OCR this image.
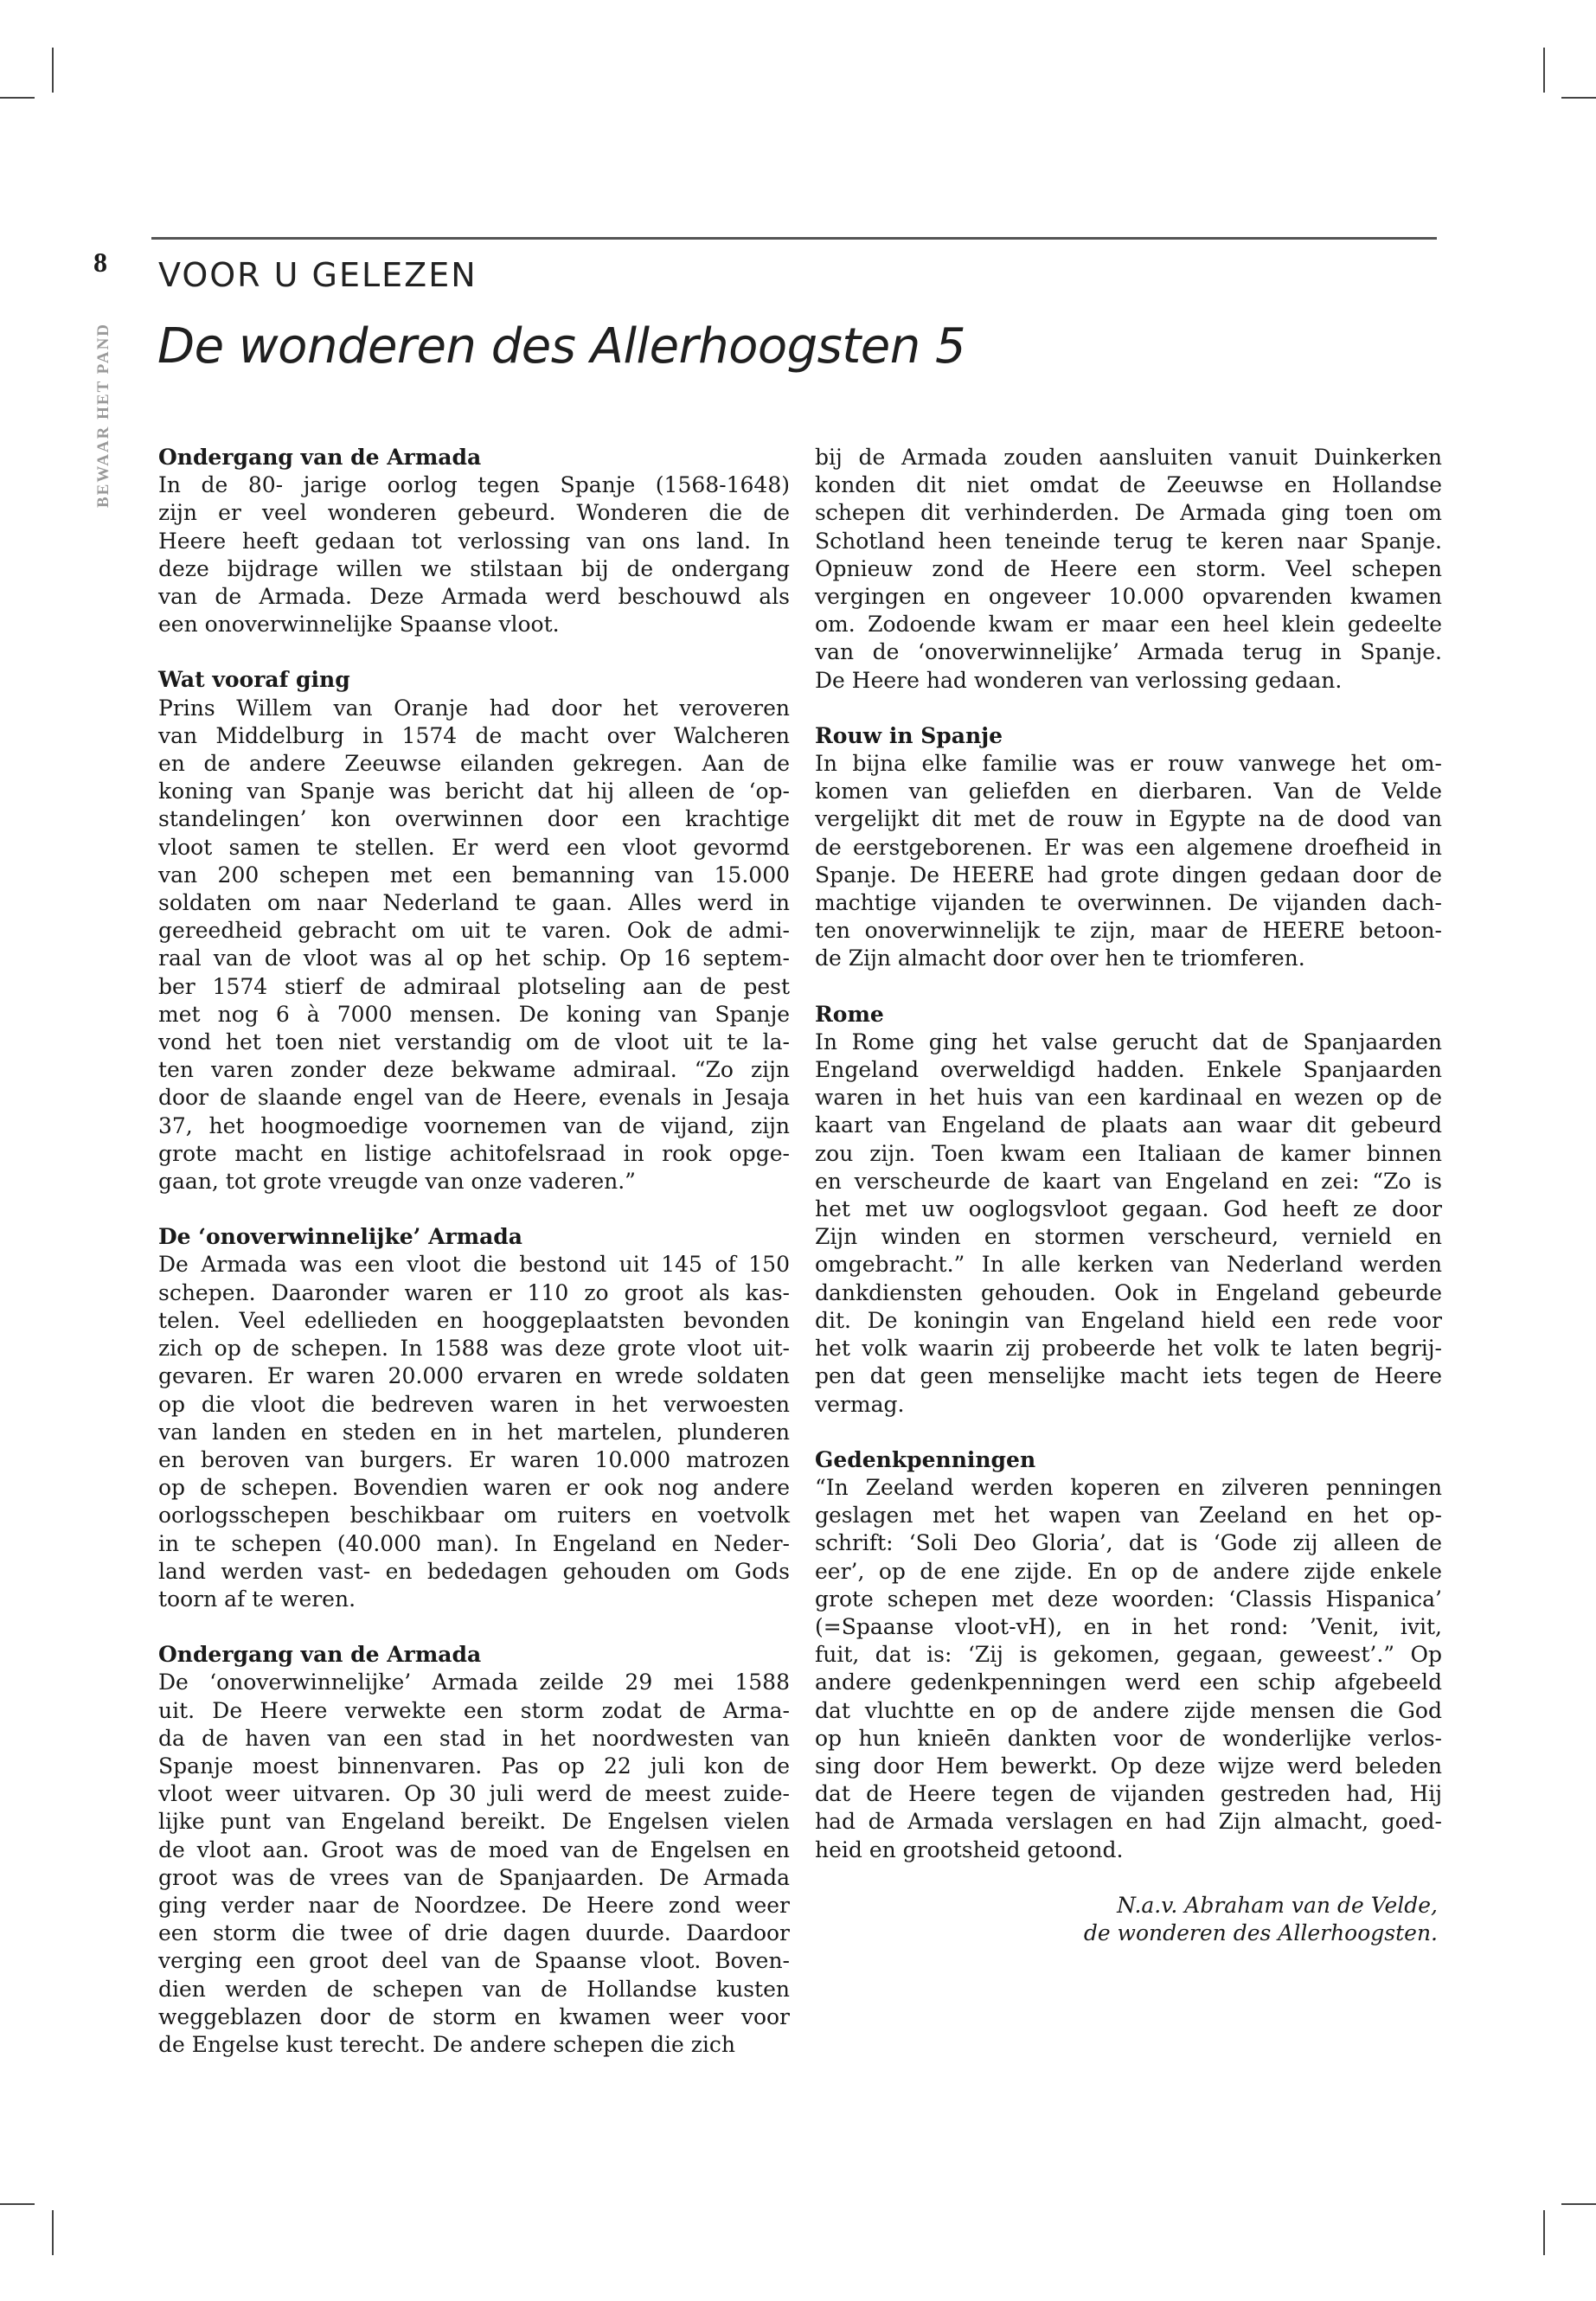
8
BEWAAR HET PAND
VOOR U GELEZEN
De wonderen des Allerhoogsten 5
Ondergang van de Armada
In de 80- jarige oorlog tegen Spanje (1568-1648)
zijn er veel wonderen gebeurd. Wonderen die de
Heere heeft gedaan tot verlossing van ons land. In
deze bijdrage willen we stilstaan bij de ondergang
van de Armada. Deze Armada werd beschouwd als
een onoverwinnelijke Spaanse vloot.
Wat vooraf ging
Prins Willem van Oranje had door het veroveren
van Middelburg in 1574 de macht over Walcheren
en de andere Zeeuwse eilanden gekregen. Aan de
koning van Spanje was bericht dat hij alleen de ‘op-
standelingen’ kon overwinnen door een krachtige
vloot samen te stellen. Er werd een vloot gevormd
van 200 schepen met een bemanning van 15.000
soldaten om naar Nederland te gaan. Alles werd in
gereedheid gebracht om uit te varen. Ook de admi-
raal van de vloot was al op het schip. Op 16 septem-
ber 1574 stierf de admiraal plotseling aan de pest
met nog 6 à 7000 mensen. De koning van Spanje
vond het toen niet verstandig om de vloot uit te la-
ten varen zonder deze bekwame admiraal. “Zo zijn
door de slaande engel van de Heere, evenals in Jesaja
37, het hoogmoedige voornemen van de vijand, zijn
grote macht en listige achitofelsraad in rook opge-
gaan, tot grote vreugde van onze vaderen.”
De ‘onoverwinnelijke’ Armada
De Armada was een vloot die bestond uit 145 of 150
schepen. Daaronder waren er 110 zo groot als kas-
telen. Veel edellieden en hooggeplaatsten bevonden
zich op de schepen. In 1588 was deze grote vloot uit-
gevaren. Er waren 20.000 ervaren en wrede soldaten
op die vloot die bedreven waren in het verwoesten
van landen en steden en in het martelen, plunderen
en beroven van burgers. Er waren 10.000 matrozen
op de schepen. Bovendien waren er ook nog andere
oorlogsschepen beschikbaar om ruiters en voetvolk
in te schepen (40.000 man). In Engeland en Neder-
land werden vast- en bededagen gehouden om Gods
toorn af te weren.
Ondergang van de Armada
De ‘onoverwinnelijke’ Armada zeilde 29 mei 1588
uit. De Heere verwekte een storm zodat de Arma-
da de haven van een stad in het noordwesten van
Spanje moest binnenvaren. Pas op 22 juli kon de
vloot weer uitvaren. Op 30 juli werd de meest zuide-
lijke punt van Engeland bereikt. De Engelsen vielen
de vloot aan. Groot was de moed van de Engelsen en
groot was de vrees van de Spanjaarden. De Armada
ging verder naar de Noordzee. De Heere zond weer
een storm die twee of drie dagen duurde. Daardoor
verging een groot deel van de Spaanse vloot. Boven-
dien werden de schepen van de Hollandse kusten
weggeblazen door de storm en kwamen weer voor
de Engelse kust terecht. De andere schepen die zich
bij de Armada zouden aansluiten vanuit Duinkerken
konden dit niet omdat de Zeeuwse en Hollandse
schepen dit verhinderden. De Armada ging toen om
Schotland heen teneinde terug te keren naar Spanje.
Opnieuw zond de Heere een storm. Veel schepen
vergingen en ongeveer 10.000 opvarenden kwamen
om. Zodoende kwam er maar een heel klein gedeelte
van de ‘onoverwinnelijke’ Armada terug in Spanje.
De Heere had wonderen van verlossing gedaan.
Rouw in Spanje
In bijna elke familie was er rouw vanwege het om-
komen van geliefden en dierbaren. Van de Velde
vergelijkt dit met de rouw in Egypte na de dood van
de eerstgeborenen. Er was een algemene droefheid in
Spanje. De HEERE had grote dingen gedaan door de
machtige vijanden te overwinnen. De vijanden dach-
ten onoverwinnelijk te zijn, maar de HEERE betoon-
de Zijn almacht door over hen te triomferen.
Rome
In Rome ging het valse gerucht dat de Spanjaarden
Engeland overweldigd hadden. Enkele Spanjaarden
waren in het huis van een kardinaal en wezen op de
kaart van Engeland de plaats aan waar dit gebeurd
zou zijn. Toen kwam een Italiaan de kamer binnen
en verscheurde de kaart van Engeland en zei: “Zo is
het met uw ooglogsvloot gegaan. God heeft ze door
Zijn winden en stormen verscheurd, vernield en
omgebracht.” In alle kerken van Nederland werden
dankdiensten gehouden. Ook in Engeland gebeurde
dit. De koningin van Engeland hield een rede voor
het volk waarin zij probeerde het volk te laten begrij-
pen dat geen menselijke macht iets tegen de Heere
vermag.
Gedenkpenningen
“In Zeeland werden koperen en zilveren penningen
geslagen met het wapen van Zeeland en het op-
schrift: ‘Soli Deo Gloria’, dat is ‘Gode zij alleen de
eer’, op de ene zijde. En op de andere zijde enkele
grote schepen met deze woorden: ‘Classis Hispanica’
(=Spaanse vloot-vH), en in het rond: ’Venit, ivit,
fuit, dat is: ‘Zij is gekomen, gegaan, geweest’.” Op
andere gedenkpenningen werd een schip afgebeeld
dat vluchtte en op de andere zijde mensen die God
op hun knieēn dankten voor de wonderlijke verlos-
sing door Hem bewerkt. Op deze wijze werd beleden
dat de Heere tegen de vijanden gestreden had, Hij
had de Armada verslagen en had Zijn almacht, goed-
heid en grootsheid getoond.
N.a.v. Abraham van de Velde,
de wonderen des Allerhoogsten.
